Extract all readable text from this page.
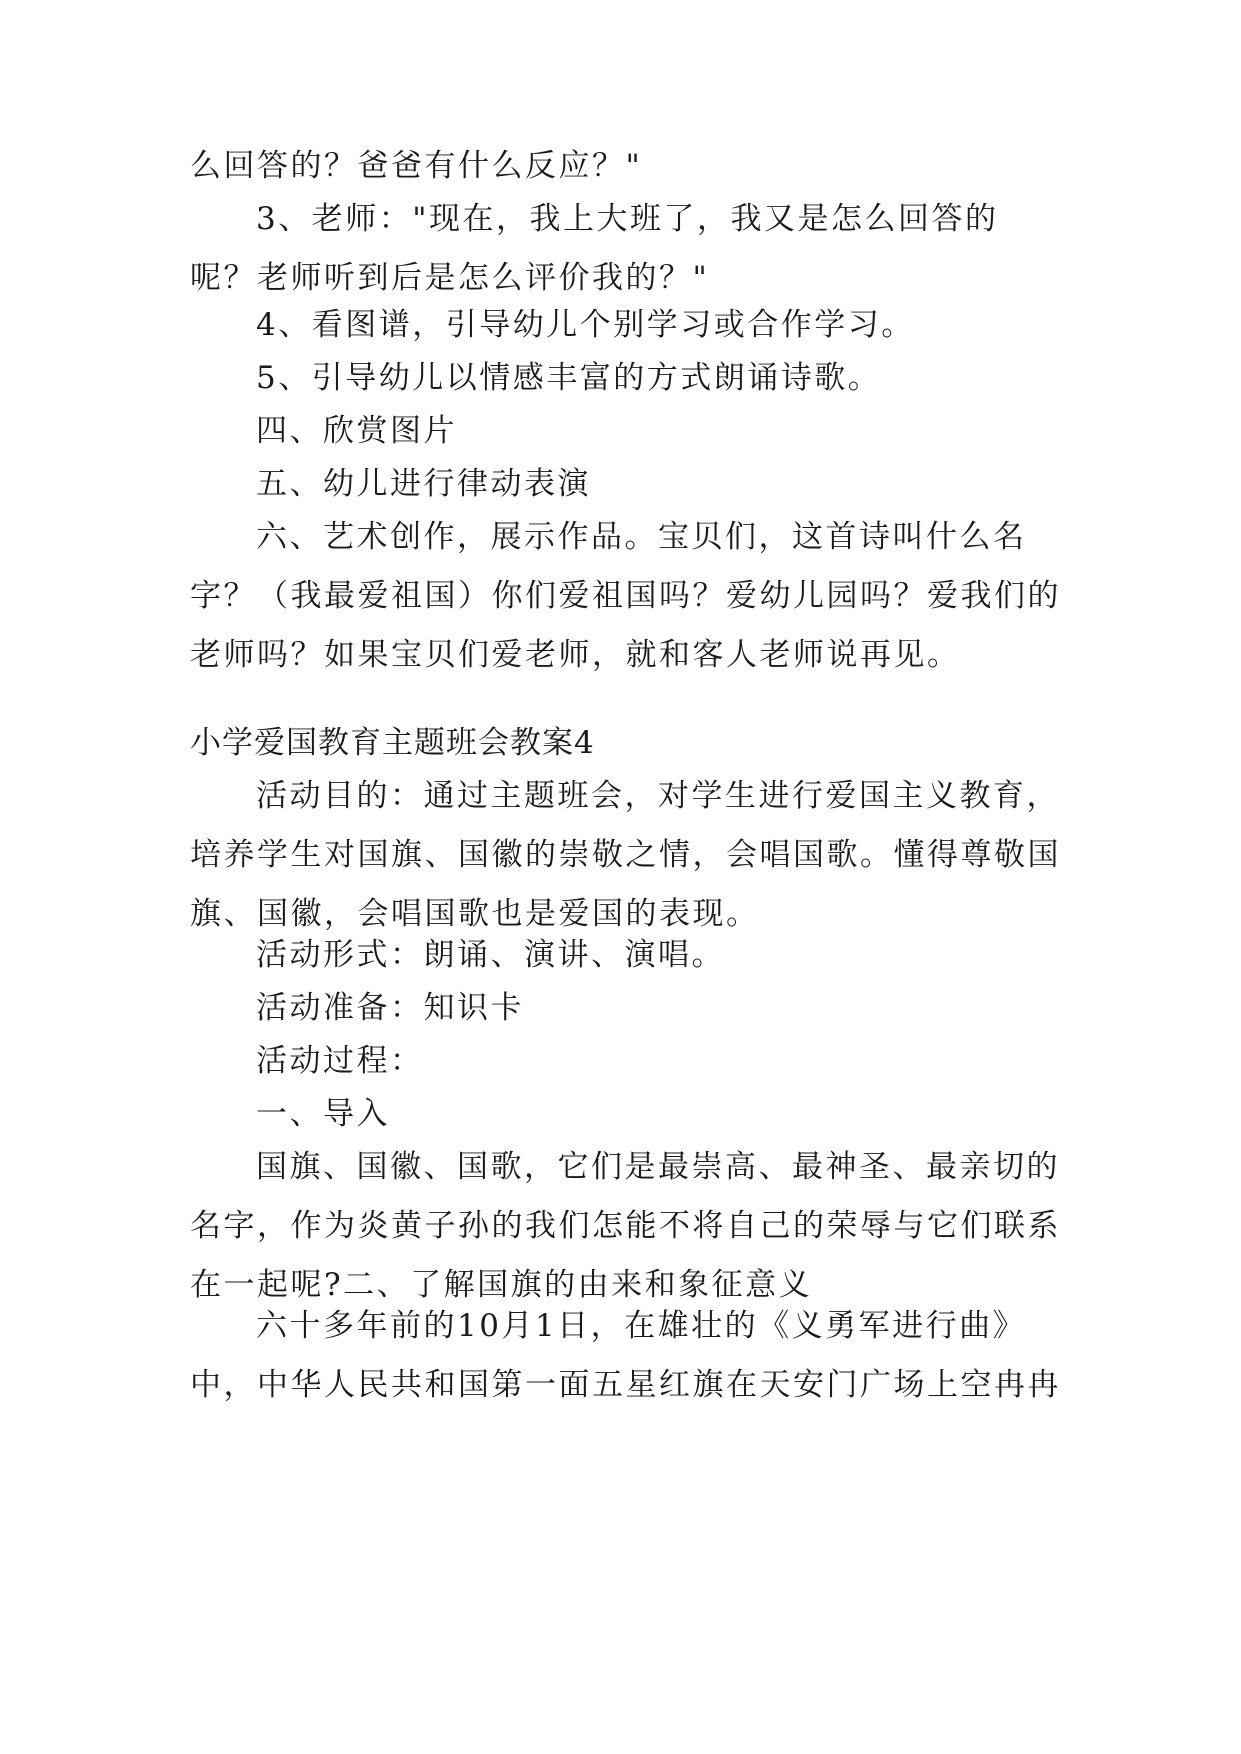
么回答的？爸爸有什么反应？"

3、老师："现在，我上大班了，我又是怎么回答的呢？老师听到后是怎么评价我的？"

4、看图谱，引导幼儿个别学习或合作学习。

5、引导幼儿以情感丰富的方式朗诵诗歌。

四、欣赏图片

五、幼儿进行律动表演

六、艺术创作，展示作品。宝贝们，这首诗叫什么名字？（我最爱祖国）你们爱祖国吗？爱幼儿园吗？爱我们的老师吗？如果宝贝们爱老师，就和客人老师说再见。

小学爱国教育主题班会教案4

活动目的：通过主题班会，对学生进行爱国主义教育，培养学生对国旗、国徽的崇敬之情，会唱国歌。懂得尊敬国旗、国徽，会唱国歌也是爱国的表现。

活动形式：朗诵、演讲、演唱。

活动准备：知识卡

活动过程：

一、导入

国旗、国徽、国歌，它们是最崇高、最神圣、最亲切的名字，作为炎黄子孙的我们怎能不将自己的荣辱与它们联系在一起呢?二、了解国旗的由来和象征意义

六十多年前的10月1日，在雄壮的《义勇军进行曲》中，中华人民共和国第一面五星红旗在天安门广场上空冉冉
